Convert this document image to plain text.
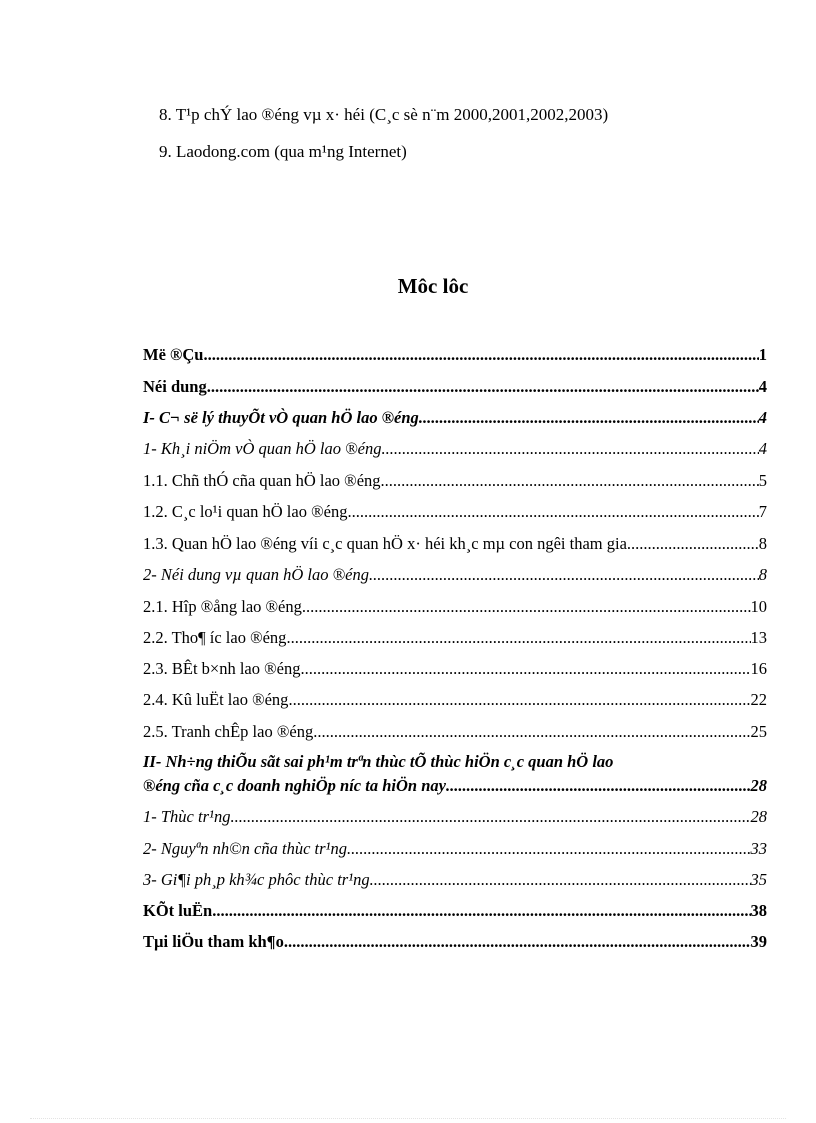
8. T¹p chÝ lao ®éng vµ x· héi (C¸c sè n¨m 2000,2001,2002,2003)
9. Laodong.com (qua m¹ng Internet)
Môc lôc
Më ®Çu .....	1
Néi dung .....	4
I- C¬ së lý thuyÕt vÒ quan hÖ lao ®éng .....	4
1- Kh¸i niÖm vÒ quan hÖ lao ®éng .....	4
1.1. Chñ thÓ cña quan hÖ lao ®éng .....	5
1.2. C¸c lo¹i quan hÖ lao ®éng .....	7
1.3. Quan hÖ lao ®éng víi c¸c quan hÖ x· héi kh¸c mµ con ngêi tham gia .....	8
2- Néi dung vµ quan hÖ lao ®éng .....	8
2.1. Hîp ®ång lao ®éng .....	10
2.2. Tho¶ íc lao ®éng .....	13
2.3. BÊt b×nh lao ®éng .....	16
2.4. Kû luËt lao ®éng .....	22
2.5. Tranh chÊp lao ®éng .....	25
II- Nh÷ng thiÕu sãt sai ph¹m trªn thùc tÕ thùc hiÖn c¸c quan hÖ lao
®éng cña c¸c doanh nghiÖp níc ta hiÖn nay .....	28
1- Thùc tr¹ng .....	28
2- Nguyªn nh©n cña thùc tr¹ng .....	33
3- Gi¶i ph¸p kh¾c phôc thùc tr¹ng .....	35
KÕt luËn .....	38
Tµi liÖu tham kh¶o .....	39
